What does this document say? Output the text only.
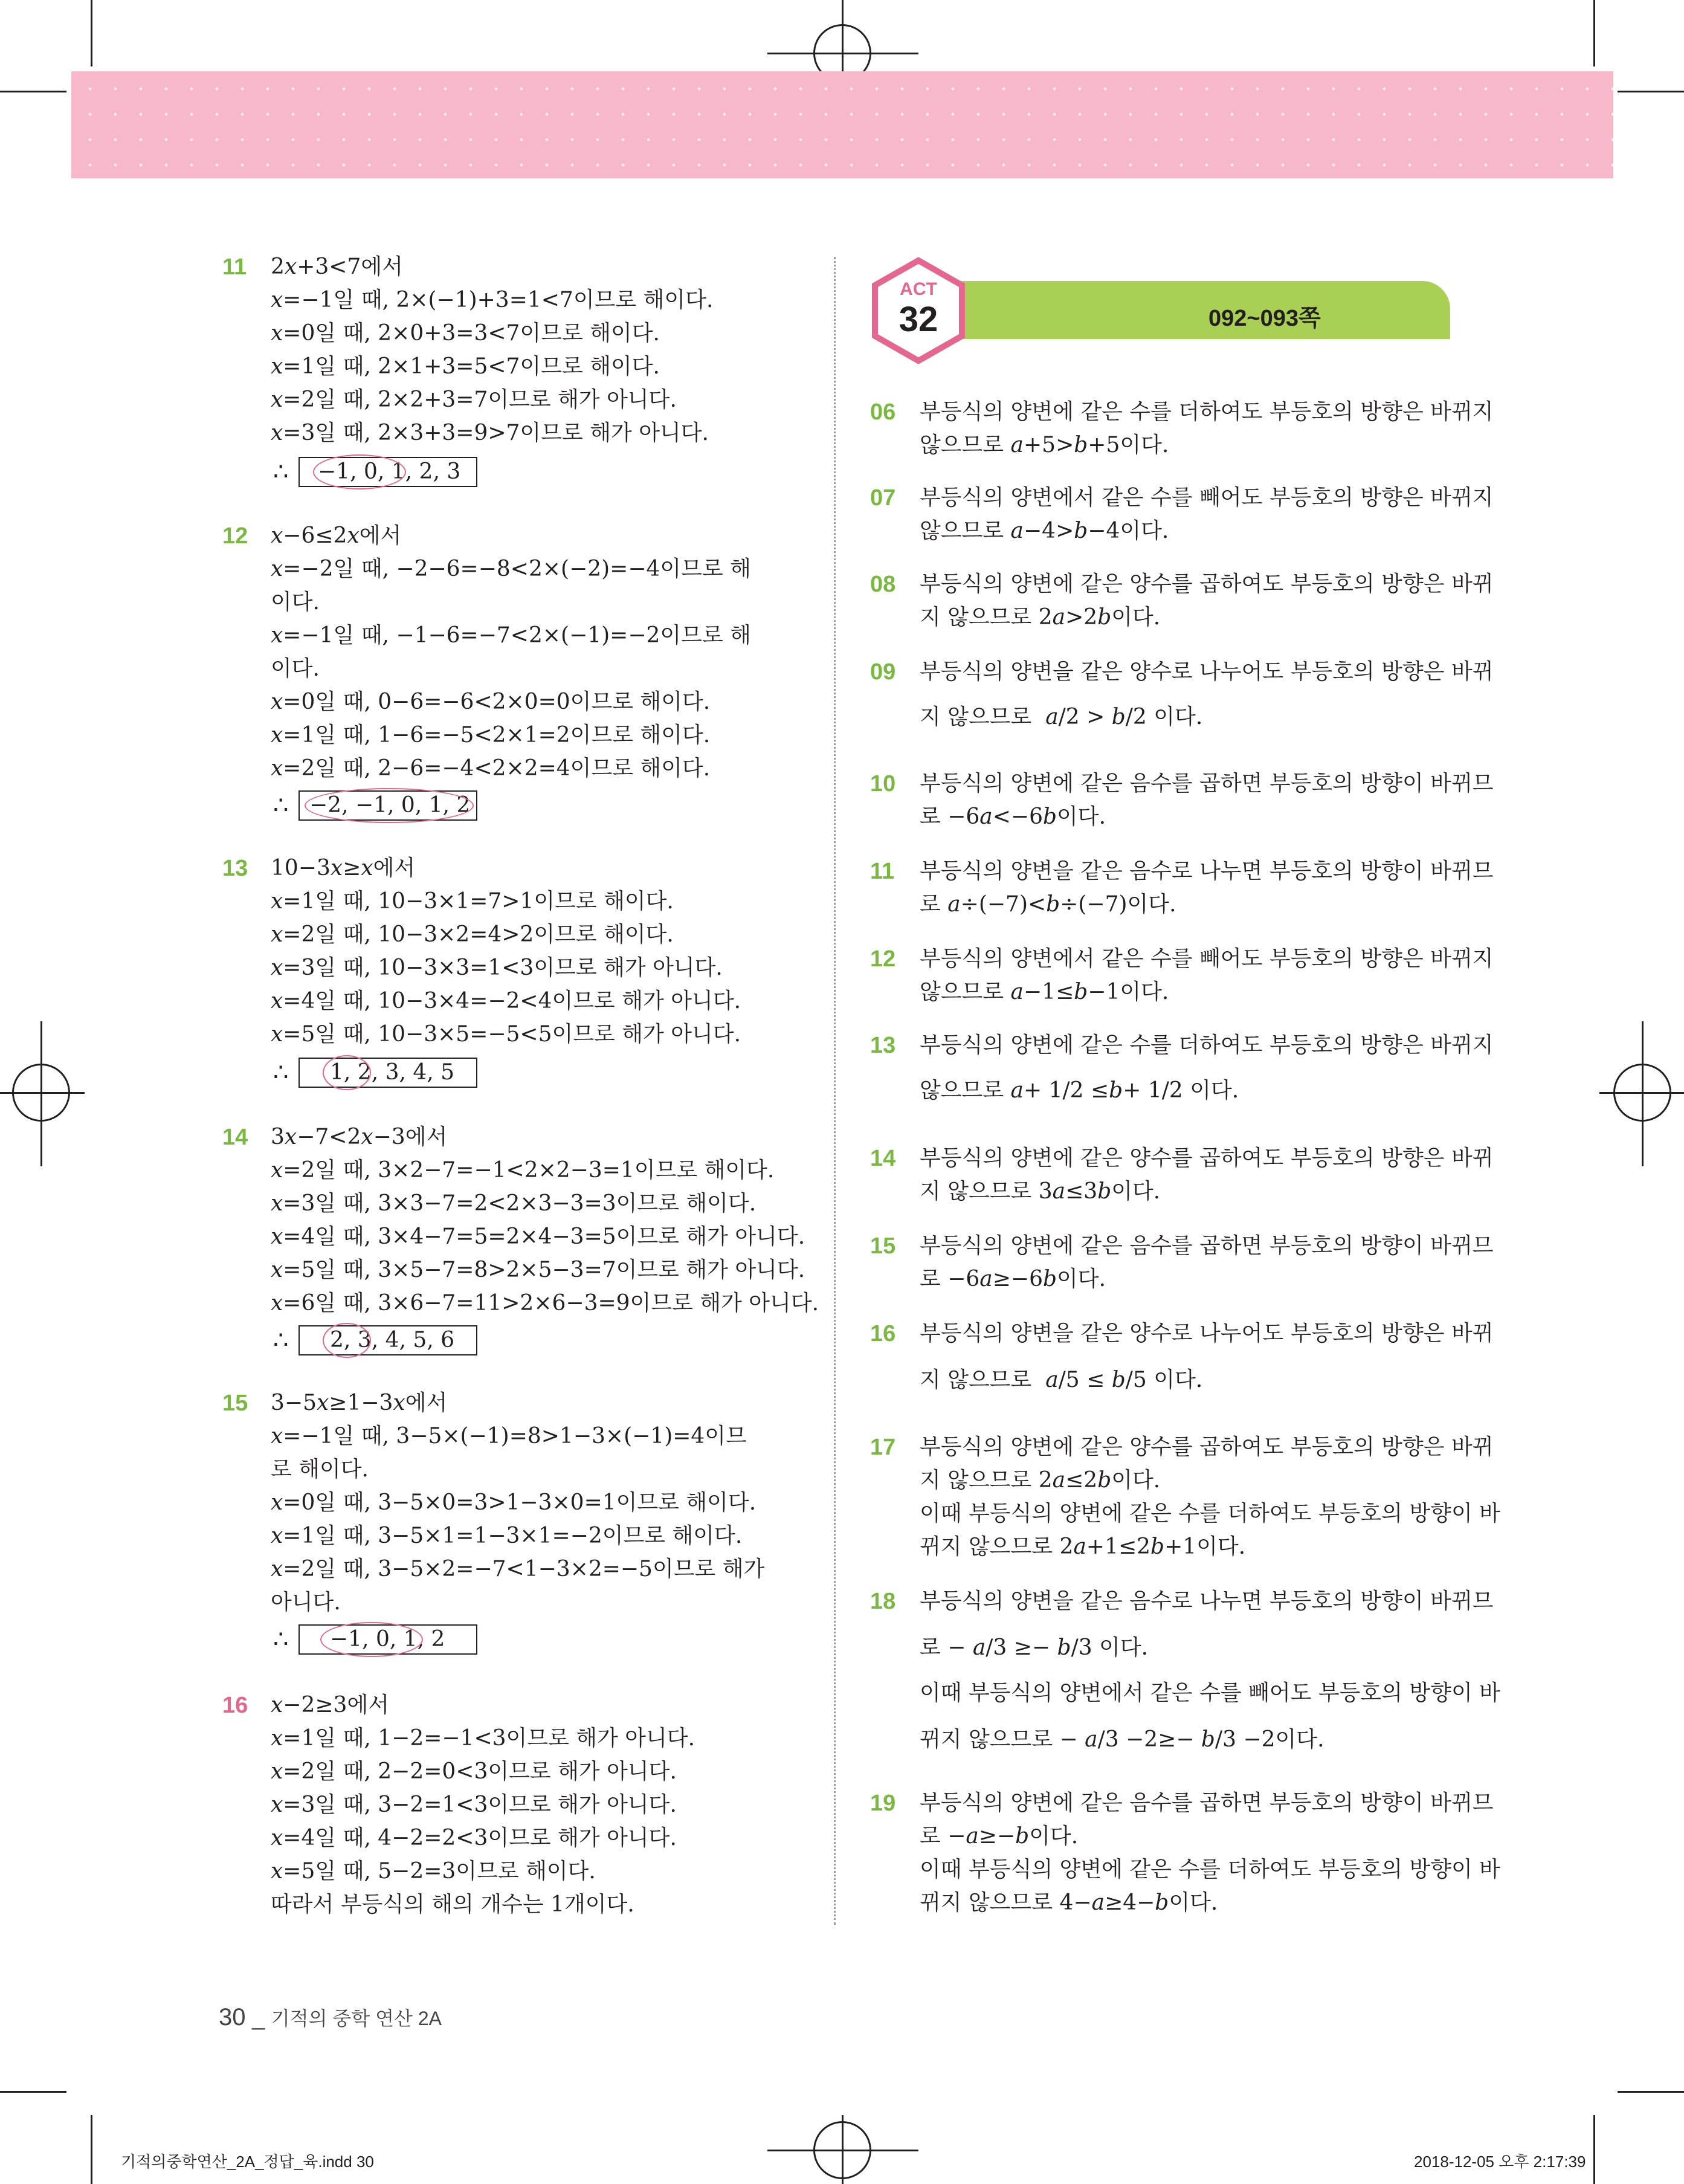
11 2𝑥+3<7에서
𝑥=−1일 때, 2×(−1)+3=1<7이므로 해이다.
𝑥=0일 때, 2×0+3=3<7이므로 해이다.
𝑥=1일 때, 2×1+3=5<7이므로 해이다.
𝑥=2일 때, 2×2+3=7이므로 해가 아니다.
𝑥=3일 때, 2×3+3=9>7이므로 해가 아니다.
∴	−1, 0, 1, 2, 3
12 𝑥−6≤2𝑥에서
𝑥=−2일 때, −2−6=−8<2×(−2)=−4이므로 해
이다.
𝑥=−1일 때, −1−6=−7<2×(−1)=−2이므로 해
이다.
𝑥=0일 때, 0−6=−6<2×0=0이므로 해이다.
𝑥=1일 때, 1−6=−5<2×1=2이므로 해이다.
𝑥=2일 때, 2−6=−4<2×2=4이므로 해이다.
∴ −2, −1, 0, 1, 2
13 10−3𝑥≥𝑥에서
𝑥=1일 때, 10−3×1=7>1이므로 해이다.
𝑥=2일 때, 10−3×2=4>2이므로 해이다.
𝑥=3일 때, 10−3×3=1<3이므로 해가 아니다.
𝑥=4일 때, 10−3×4=−2<4이므로 해가 아니다.
𝑥=5일 때, 10−3×5=−5<5이므로 해가 아니다.
∴	1, 2, 3, 4, 5
14 3𝑥−7<2𝑥−3에서
𝑥=2일 때, 3×2−7=−1<2×2−3=1이므로 해이다.
𝑥=3일 때, 3×3−7=2<2×3−3=3이므로 해이다.
𝑥=4일 때, 3×4−7=5=2×4−3=5이므로 해가 아니다.
𝑥=5일 때, 3×5−7=8>2×5−3=7이므로 해가 아니다.
𝑥=6일 때, 3×6−7=11>2×6−3=9이므로 해가 아니다.
∴	2, 3, 4, 5, 6
15 3−5𝑥≥1−3𝑥에서
𝑥=−1일 때, 3−5×(−1)=8>1−3×(−1)=4이므
로 해이다.
𝑥=0일 때, 3−5×0=3>1−3×0=1이므로 해이다.
𝑥=1일 때, 3−5×1=1−3×1=−2이므로 해이다.
𝑥=2일 때, 3−5×2=−7<1−3×2=−5이므로 해가
아니다.
∴	−1, 0, 1, 2
16 𝑥−2≥3에서
𝑥=1일 때, 1−2=−1<3이므로 해가 아니다.
𝑥=2일 때, 2−2=0<3이므로 해가 아니다.
𝑥=3일 때, 3−2=1<3이므로 해가 아니다.
𝑥=4일 때, 4−2=2<3이므로 해가 아니다.
𝑥=5일 때, 5−2=3이므로 해이다.
따라서 부등식의 해의 개수는 1개이다.
092~093쪽
ACT
32
06 부등식의 양변에 같은 수를 더하여도 부등호의 방향은 바뀌지
않으므로 𝑎+5>𝑏+5이다.
07 부등식의 양변에서 같은 수를 빼어도 부등호의 방향은 바뀌지
않으므로 𝑎−4>𝑏−4이다.
08 부등식의 양변에 같은 양수를 곱하여도 부등호의 방향은 바뀌
지 않으므로 2𝑎>2𝑏이다.
09 부등식의 양변을 같은 양수로 나누어도 부등호의 방향은 바뀌
지 않으므로  𝑎/2 > 𝑏/2 이다.
10 부등식의 양변에 같은 음수를 곱하면 부등호의 방향이 바뀌므
로 −6𝑎<−6𝑏이다.
11 부등식의 양변을 같은 음수로 나누면 부등호의 방향이 바뀌므
로 𝑎÷(−7)<𝑏÷(−7)이다.
12 부등식의 양변에서 같은 수를 빼어도 부등호의 방향은 바뀌지
않으므로 𝑎−1≤𝑏−1이다.
13 부등식의 양변에 같은 수를 더하여도 부등호의 방향은 바뀌지
않으므로 𝑎+ 1/2 ≤𝑏+ 1/2 이다.
14 부등식의 양변에 같은 양수를 곱하여도 부등호의 방향은 바뀌
지 않으므로 3𝑎≤3𝑏이다.
15 부등식의 양변에 같은 음수를 곱하면 부등호의 방향이 바뀌므
로 −6𝑎≥−6𝑏이다.
16 부등식의 양변을 같은 양수로 나누어도 부등호의 방향은 바뀌
지 않으므로  𝑎/5 ≤ 𝑏/5 이다.
17 부등식의 양변에 같은 양수를 곱하여도 부등호의 방향은 바뀌
지 않으므로 2𝑎≤2𝑏이다.
이때 부등식의 양변에 같은 수를 더하여도 부등호의 방향이 바
뀌지 않으므로 2𝑎+1≤2𝑏+1이다.
18 부등식의 양변을 같은 음수로 나누면 부등호의 방향이 바뀌므
로 − 𝑎/3 ≥− 𝑏/3 이다.
이때 부등식의 양변에서 같은 수를 빼어도 부등호의 방향이 바
뀌지 않으므로 − 𝑎/3 −2≥− 𝑏/3 −2이다.
19 부등식의 양변에 같은 음수를 곱하면 부등호의 방향이 바뀌므
로 −𝑎≥−𝑏이다.
이때 부등식의 양변에 같은 수를 더하여도 부등호의 방향이 바
뀌지 않으므로 4−𝑎≥4−𝑏이다.
30 _ 기적의 중학 연산 2A
기적의중학연산_2A_정답_육.indd 30	2018-12-05 오후 2:17:39
